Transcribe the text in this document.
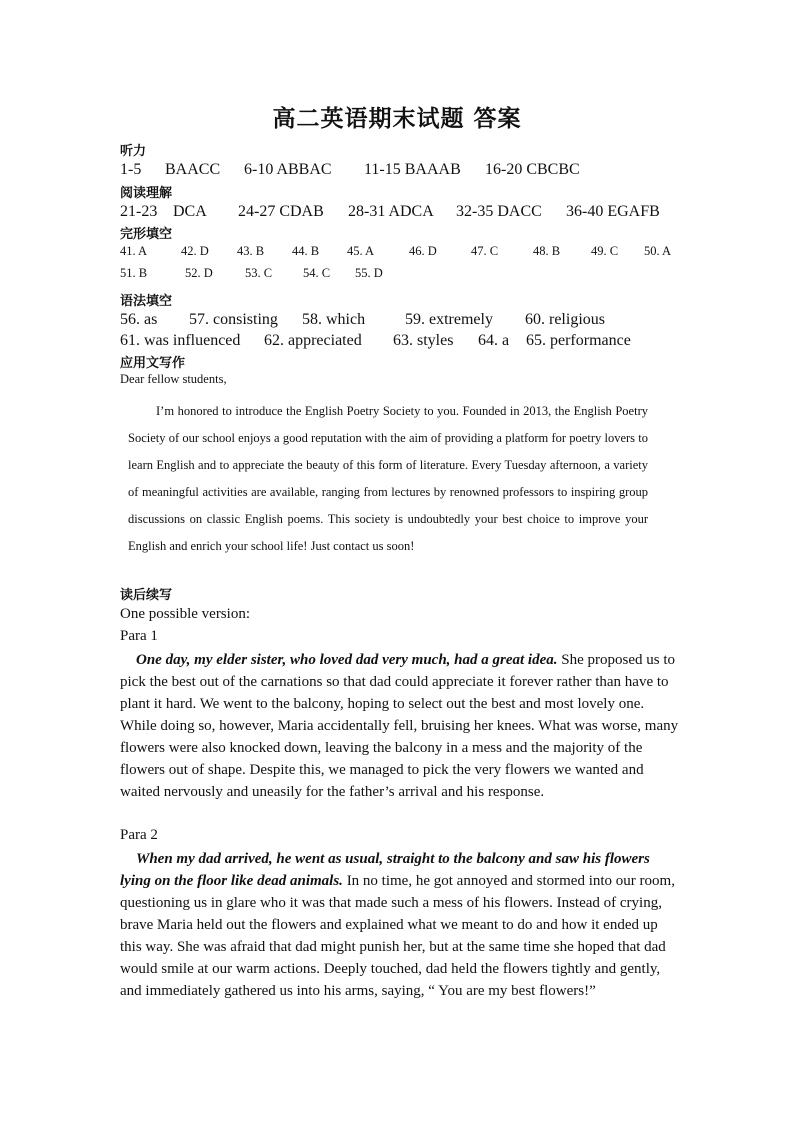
高二英语期末试题 答案
听力
1-5 BAACC 6-10 ABBAC 11-15 BAAAB 16-20 CBCBC
阅读理解
21-23 DCA 24-27 CDAB 28-31 ADCA 32-35 DACC 36-40 EGAFB
完形填空
41. A	42. D 43. B 44. B 45. A	46. D	47. C	48. B 49. C 50. A
51. B	52. D	53. C 54. C 55. D
语法填空
56. as 57. consisting 58. which 59. extremely 60. religious
61. was influenced 62. appreciated 63. styles 64. a 65. performance
应用文写作
Dear fellow students,

I’m honored to introduce the English Poetry Society to you. Founded in 2013, the English Poetry Society of our school enjoys a good reputation with the aim of providing a platform for poetry lovers to learn English and to appreciate the beauty of this form of literature. Every Tuesday afternoon, a variety of meaningful activities are available, ranging from lectures by renowned professors to inspiring group discussions on classic English poems. This society is undoubtedly your best choice to improve your English and enrich your school life! Just contact us soon!

读后续写
One possible version:
Para 1

One day, my elder sister, who loved dad very much, had a great idea. She proposed us to pick the best out of the carnations so that dad could appreciate it forever rather than have to plant it hard. We went to the balcony, hoping to select out the best and most lovely one. While doing so, however, Maria accidentally fell, bruising her knees. What was worse, many flowers were also knocked down, leaving the balcony in a mess and the majority of the flowers out of shape. Despite this, we managed to pick the very flowers we wanted and waited nervously and uneasily for the father’s arrival and his response.

Para 2

When my dad arrived, he went as usual, straight to the balcony and saw his flowers lying on the floor like dead animals. In no time, he got annoyed and stormed into our room, questioning us in glare who it was that made such a mess of his flowers. Instead of crying, brave Maria held out the flowers and explained what we meant to do and how it ended up this way. She was afraid that dad might punish her, but at the same time she hoped that dad would smile at our warm actions. Deeply touched, dad held the flowers tightly and gently, and immediately gathered us into his arms, saying, “ You are my best flowers!”
